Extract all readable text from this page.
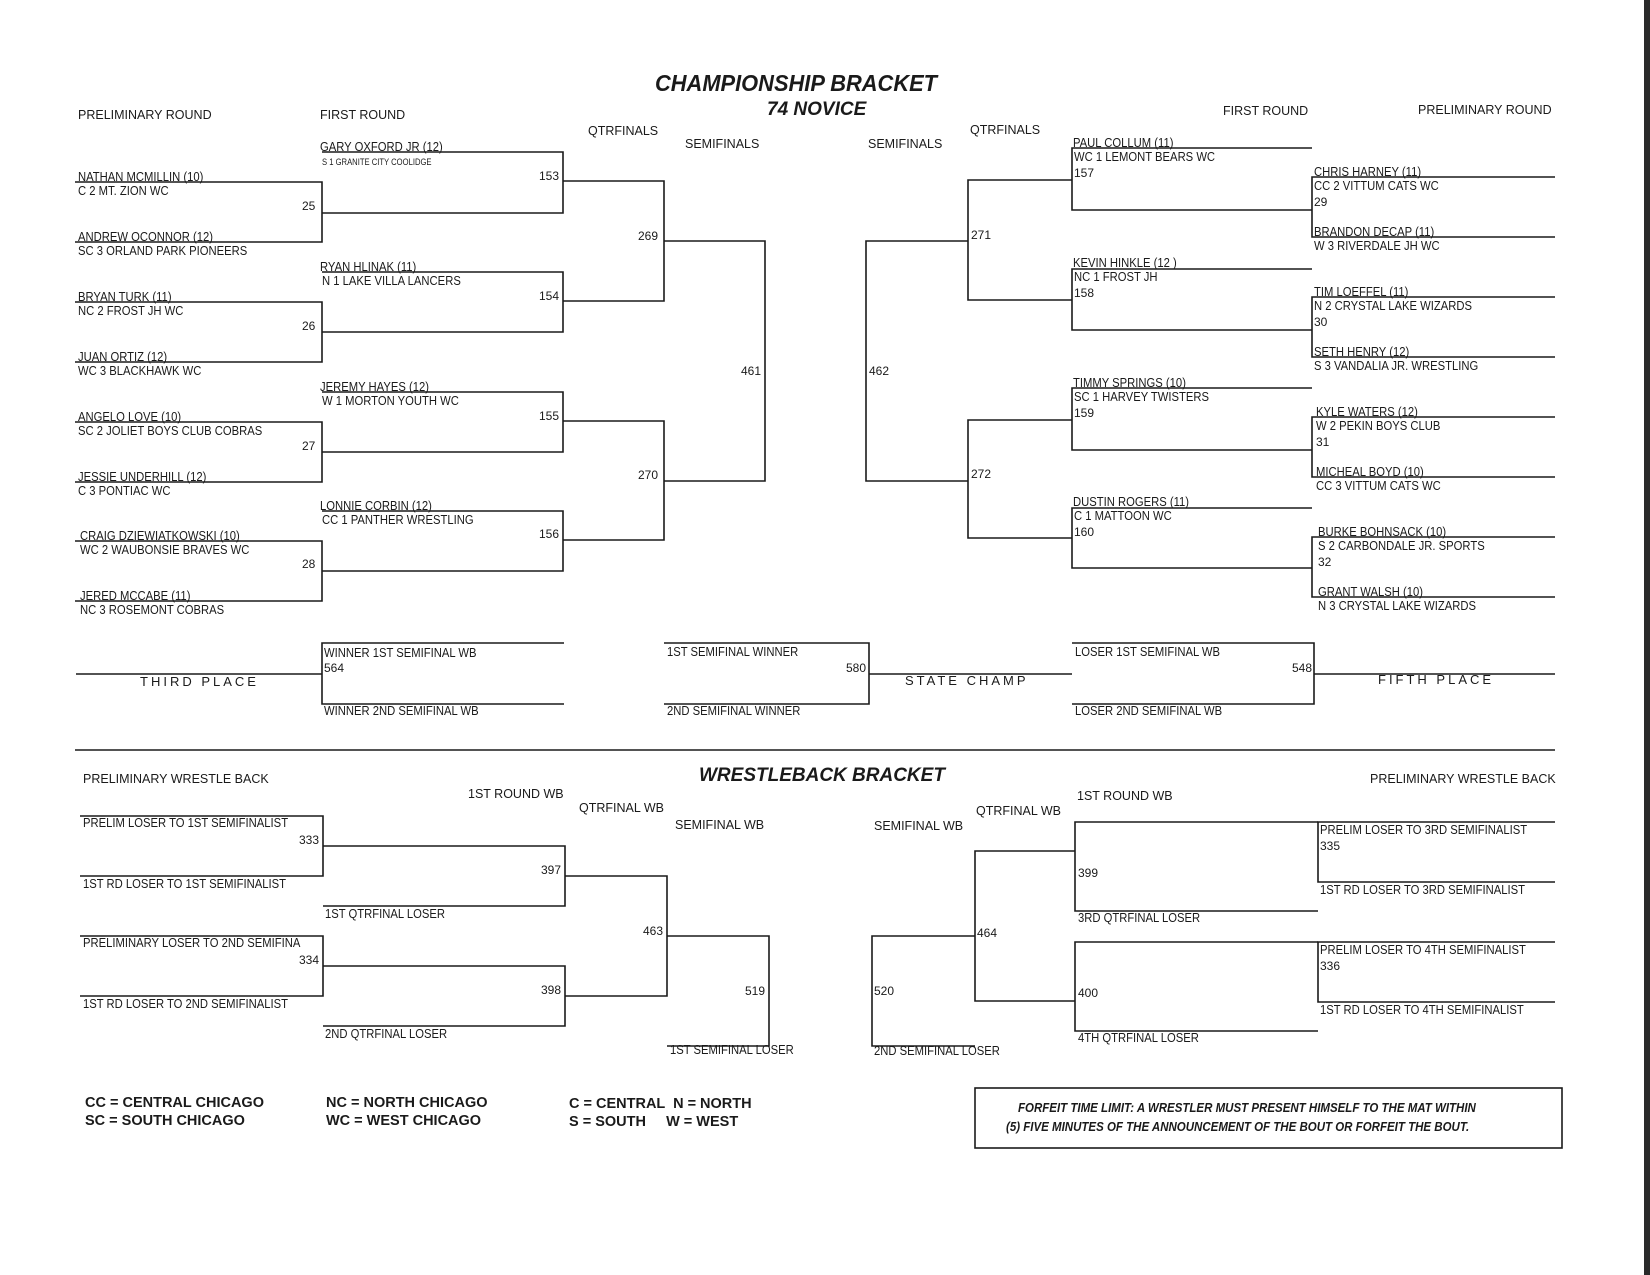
CHAMPIONSHIP BRACKET
74 NOVICE
PRELIMINARY ROUND	FIRST ROUND
QTRFINALS
SEMIFINALS	SEMIFINALS
QTRFINALS
FIRST ROUND	PRELIMINARY ROUND
NATHAN MCMILLIN (10)
C 2 MT. ZION WC
ANDREW OCONNOR (12)
SC 3 ORLAND PARK PIONEERS
BRYAN TURK (11)
NC 2 FROST JH WC
JUAN ORTIZ (12)
WC 3 BLACKHAWK WC
ANGELO LOVE (10)
SC 2 JOLIET BOYS CLUB COBRAS
JESSIE UNDERHILL (12)
C 3 PONTIAC WC
CRAIG DZIEWIATKOWSKI (10)
WC 2 WAUBONSIE BRAVES WC
JERED MCCABE (11)
NC 3 ROSEMONT COBRAS
25
26
27
28
GARY OXFORD JR (12)
S 1 GRANITE CITY COOLIDGE
RYAN HLINAK (11)
N 1 LAKE VILLA LANCERS
JEREMY HAYES (12)
W 1 MORTON YOUTH WC
LONNIE CORBIN (12)
CC 1 PANTHER WRESTLING
153
154
155
156
269
270
461	462
271
272
PAUL COLLUM (11)
WC 1 LEMONT BEARS WC
157
KEVIN HINKLE (12 )
NC 1 FROST JH
158
TIMMY SPRINGS (10)
SC 1 HARVEY TWISTERS
159
DUSTIN ROGERS (11)
C 1 MATTOON WC
160
CHRIS HARNEY (11)
CC 2 VITTUM CATS WC
29
BRANDON DECAP (11)
W 3 RIVERDALE JH WC
TIM LOEFFEL (11)
N 2 CRYSTAL LAKE WIZARDS
30
SETH HENRY (12)
S 3 VANDALIA JR. WRESTLING
KYLE WATERS (12)
W 2 PEKIN BOYS CLUB
31
MICHEAL BOYD (10)
CC 3 VITTUM CATS WC
BURKE BOHNSACK (10)
S 2 CARBONDALE JR. SPORTS
32
GRANT WALSH (10)
N 3 CRYSTAL LAKE WIZARDS
WINNER 1ST SEMIFINAL WB
564
WINNER 2ND SEMIFINAL WB
THIRD PLACE
1ST SEMIFINAL WINNER
580
2ND SEMIFINAL WINNER
STATE CHAMP
LOSER 1ST SEMIFINAL WB
548
LOSER 2ND SEMIFINAL WB
FIFTH PLACE
WRESTLEBACK BRACKET
PRELIMINARY WRESTLE BACK
1ST ROUND WB
QTRFINAL WB
SEMIFINAL WB	SEMIFINAL WB
QTRFINAL WB
1ST ROUND WB
PRELIMINARY WRESTLE BACK
PRELIM LOSER TO 1ST SEMIFINALIST
333
1ST RD LOSER TO 1ST SEMIFINALIST
1ST QTRFINAL LOSER
397
PRELIMINARY LOSER TO 2ND SEMIFINA
334
1ST RD LOSER TO 2ND SEMIFINALIST
2ND QTRFINAL LOSER
398
463
519
1ST SEMIFINAL LOSER
520
2ND SEMIFINAL LOSER
464
399
3RD QTRFINAL LOSER
400
4TH QTRFINAL LOSER
PRELIM LOSER TO 3RD SEMIFINALIST
335
1ST RD LOSER TO 3RD SEMIFINALIST
PRELIM LOSER TO 4TH SEMIFINALIST
336
1ST RD LOSER TO 4TH SEMIFINALIST
CC = CENTRAL CHICAGO
SC = SOUTH CHICAGO
NC = NORTH CHICAGO
WC = WEST CHICAGO
C = CENTRAL  N = NORTH
S = SOUTH     W = WEST
FORFEIT TIME LIMIT: A WRESTLER MUST PRESENT HIMSELF TO THE MAT WITHIN
(5) FIVE MINUTES OF THE ANNOUNCEMENT OF THE BOUT OR FORFEIT THE BOUT.
